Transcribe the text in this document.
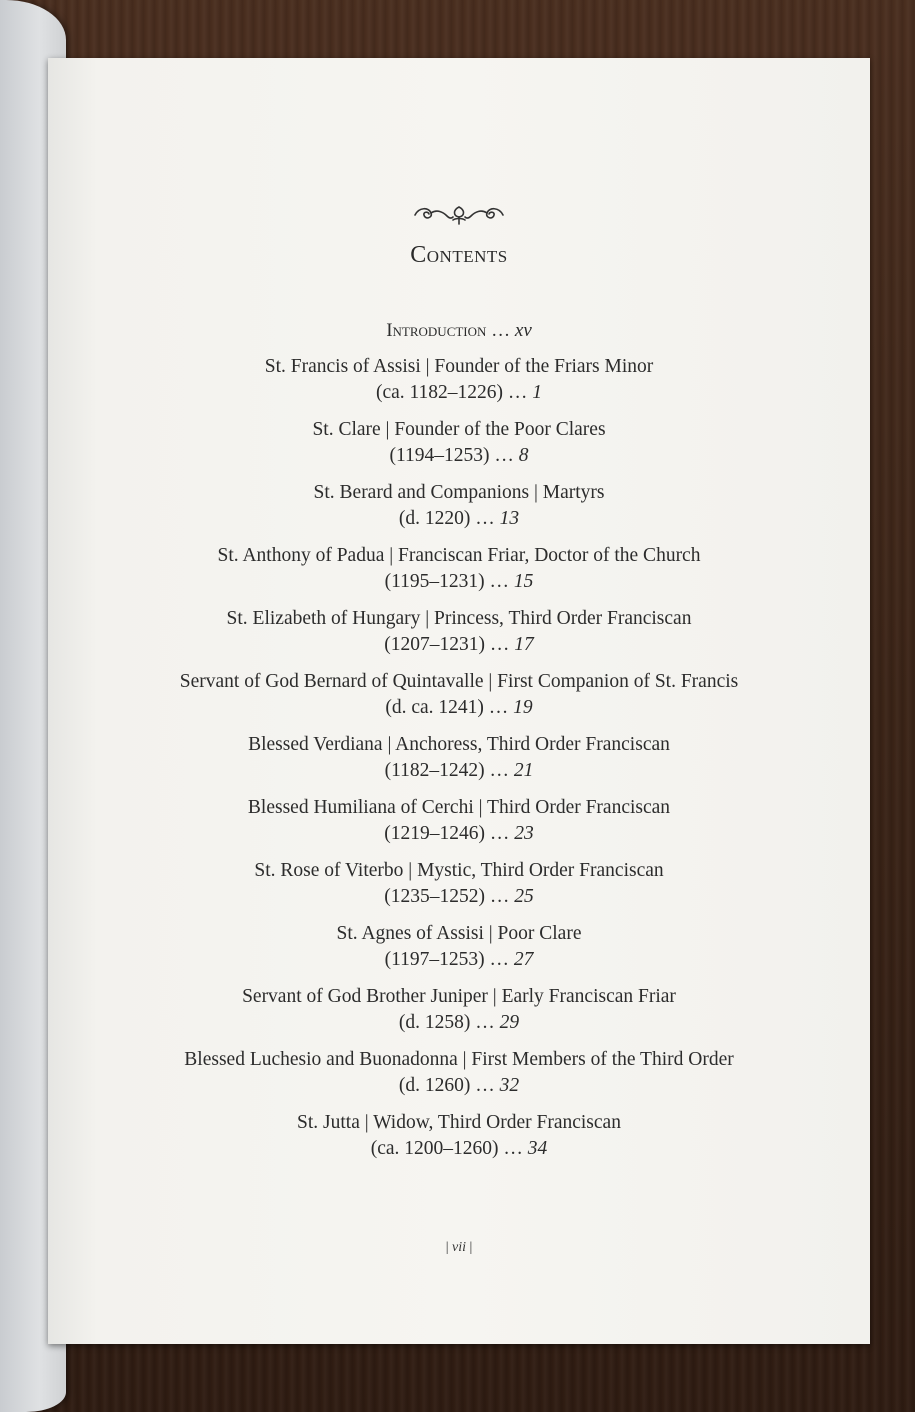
Contents
Introduction … xv
St. Francis of Assisi | Founder of the Friars Minor
(ca. 1182–1226) … 1
St. Clare | Founder of the Poor Clares
(1194–1253) … 8
St. Berard and Companions | Martyrs
(d. 1220) … 13
St. Anthony of Padua | Franciscan Friar, Doctor of the Church
(1195–1231) … 15
St. Elizabeth of Hungary | Princess, Third Order Franciscan
(1207–1231) … 17
Servant of God Bernard of Quintavalle | First Companion of St. Francis
(d. ca. 1241) … 19
Blessed Verdiana | Anchoress, Third Order Franciscan
(1182–1242) … 21
Blessed Humiliana of Cerchi | Third Order Franciscan
(1219–1246) … 23
St. Rose of Viterbo | Mystic, Third Order Franciscan
(1235–1252) … 25
St. Agnes of Assisi | Poor Clare
(1197–1253) … 27
Servant of God Brother Juniper | Early Franciscan Friar
(d. 1258) … 29
Blessed Luchesio and Buonadonna | First Members of the Third Order
(d. 1260) … 32
St. Jutta | Widow, Third Order Franciscan
(ca. 1200–1260) … 34
| vii |
